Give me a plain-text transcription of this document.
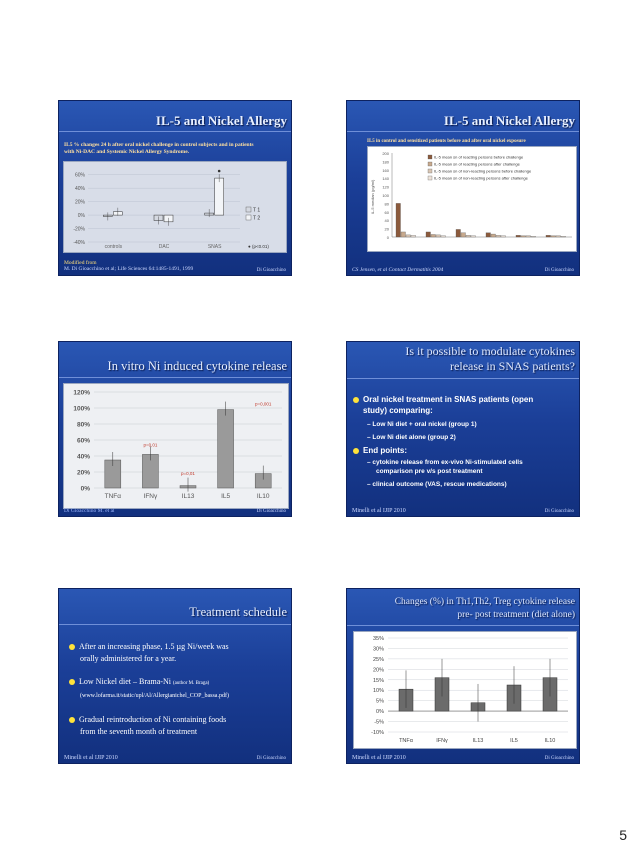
IL-5 and Nickel Allergy
IL5 % changes 24 h after oral nickel challenge in control subjects and in patients with Ni-DAC and Systemic Nickel Allergy Syndrome.
60%
40%
20%
0%
-20%
-40%
controls	DAC	SNAS
T 1
T 2
● (p<0.01)
Modified from
M. Di Gioacchino et al; Life Sciences 64:1485-1491, 1999	Di Gioacchino
IL-5 and Nickel Allergy
IL5 in control and sensitized patients before and after oral nickel exposure
200
180
160
140
120
100
80
60
40
20
0
IL-5 median (pg/ml)
IL-5 mean sn of reacting persons before challenge
IL-5 mean sn of reacting persons after challenge
IL-5 mean sn of non-reacting persons before challenge
IL-5 mean sn of non-reacting persons after challenge
CS Jensen, et al Contact Dermatitis 2004	Di Gioacchino
In vitro Ni induced cytokine release
120%
100%
80%
60%
40%
20%
0%
TNFα	IFNγ	IL13	IL5	IL10
p=0,001
p=0,01
p=0,01
Di Gioacchino M. et al	Di Gioacchino
Is it possible to modulate cytokines
release in SNAS patients?
Oral nickel treatment in SNAS patients (open
study) comparing:
– Low Ni diet + oral nickel (group 1)
– Low Ni diet alone (group 2)
End points:
– cytokine release from ex-vivo Ni-stimulated cells
comparison pre v/s post treatment
– clinical outcome (VAS, rescue medications)
Minelli et al IJIP 2010	Di Gioacchino
Treatment schedule
After an increasing phase, 1.5 µg Ni/week was
orally administered for a year.
Low Nickel diet – Brama-Ni (author M. Braga)
(www.lofarma.it/static/upl/Al/Allergianichel_COP_bassa.pdf)
Gradual reintroduction of Ni containing foods
from the seventh month of treatment
Minelli et al IJIP 2010	Di Gioacchino
Changes (%) in Th1,Th2, Treg cytokine release
pre- post treatment (diet alone)
35%
30%
25%
20%
15%
10%
5%
0%
-5%
-10%
TNFα	IFNγ	IL13	IL5	IL10
Minelli et al IJIP 2010	Di Gioacchino
5
